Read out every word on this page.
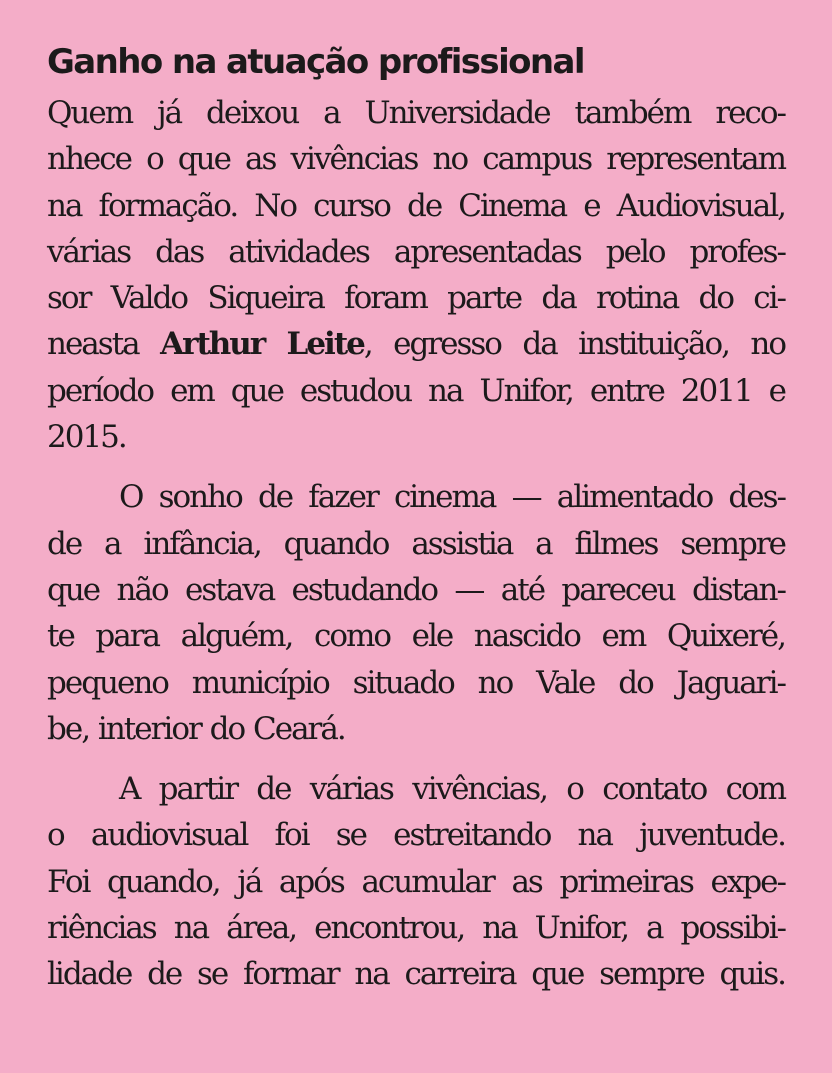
Ganho na atuação profissional
Quem já deixou a Universidade também reco-
nhece o que as vivências no campus representam
na formação. No curso de Cinema e Audiovisual,
várias das atividades apresentadas pelo profes-
sor Valdo Siqueira foram parte da rotina do ci-
neasta Arthur Leite, egresso da instituição, no
período em que estudou na Unifor, entre 2011 e
2015.
O sonho de fazer cinema — alimentado des-
de a infância, quando assistia a filmes sempre
que não estava estudando — até pareceu distan-
te para alguém, como ele nascido em Quixeré,
pequeno município situado no Vale do Jaguari-
be, interior do Ceará.
A partir de várias vivências, o contato com
o audiovisual foi se estreitando na juventude.
Foi quando, já após acumular as primeiras expe-
riências na área, encontrou, na Unifor, a possibi-
lidade de se formar na carreira que sempre quis.
